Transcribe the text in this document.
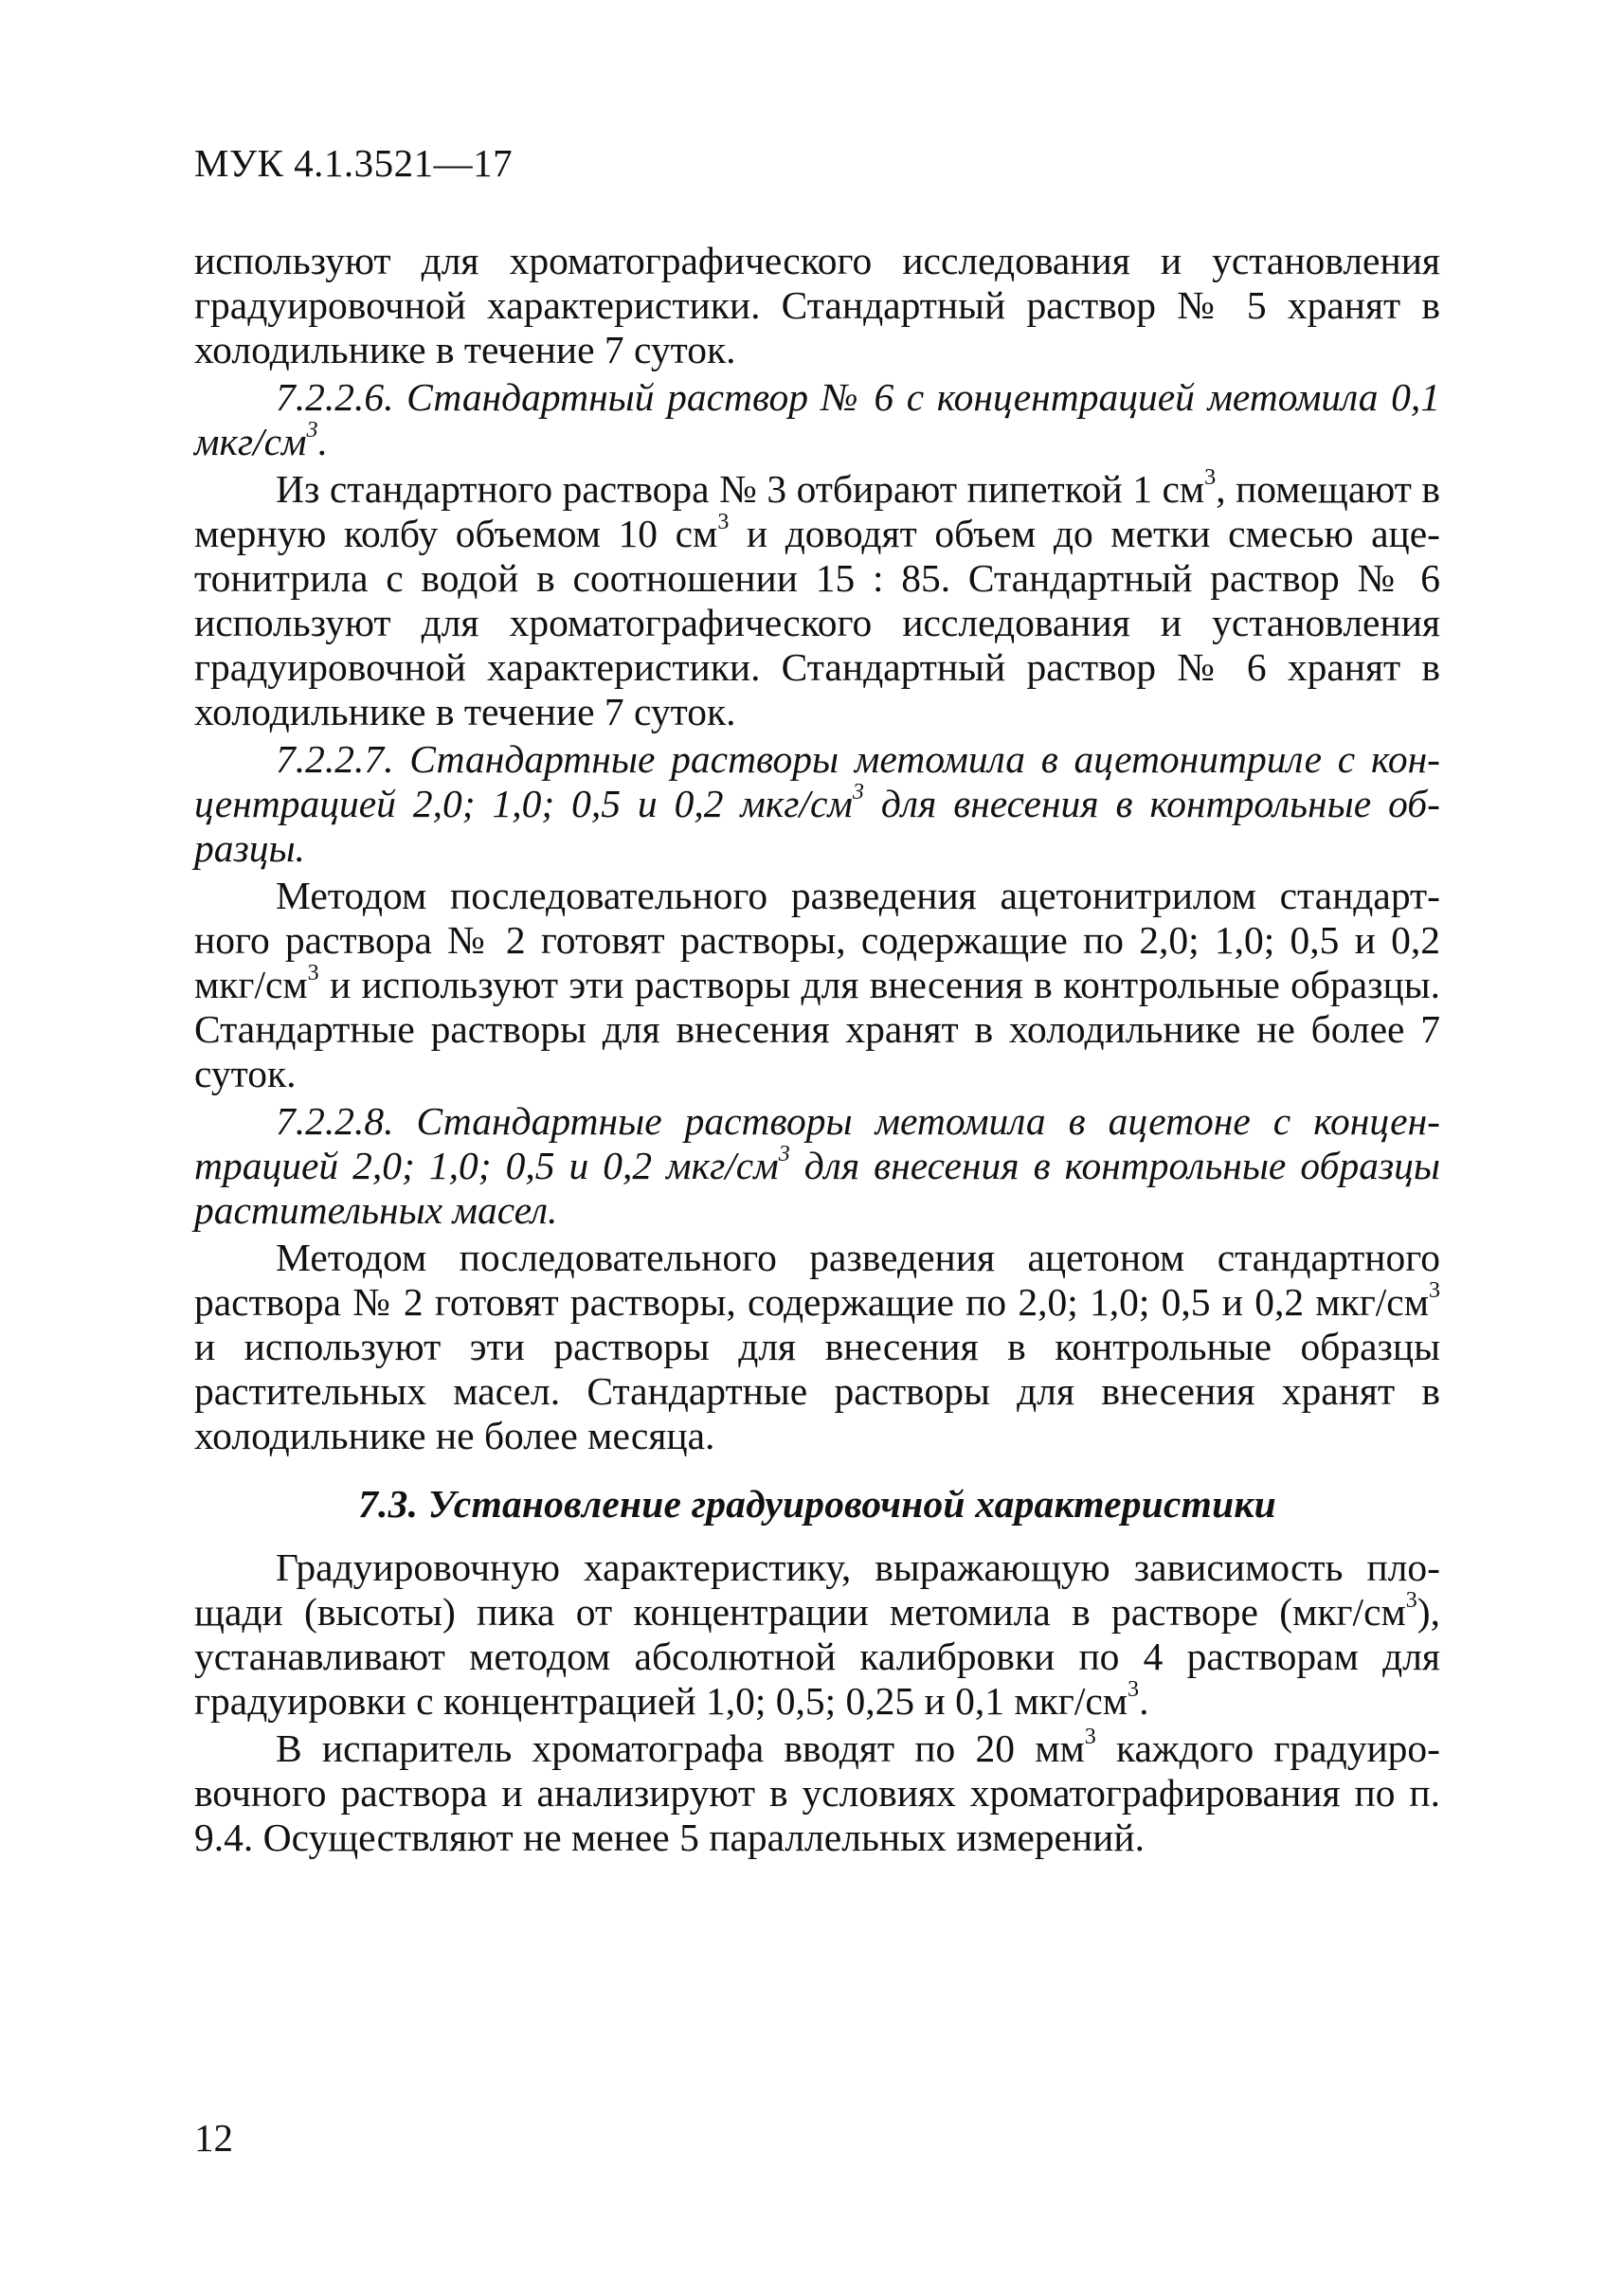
МУК 4.1.3521—17

используют для хроматографического исследования и установления градуировочной характеристики. Стандартный раствор № 5 хранят в холодильнике в течение 7 суток.

7.2.2.6. Стандартный раствор № 6 с концентрацией метомила 0,1 мкг/$см^3$.

Из стандартного раствора № 3 отбирают пипеткой 1 $см^3$, помещают в мерную колбу объемом 10 $см^3$ и доводят объем до метки смесью ацетонитрила с водой в соотношении 15 : 85. Стандартный раствор № 6 используют для хроматографического исследования и установления градуировочной характеристики. Стандартный раствор № 6 хранят в холодильнике в течение 7 суток.

7.2.2.7. Стандартные растворы метомила в ацетонитриле с концентрацией 2,0; 1,0; 0,5 и 0,2 мкг/$см^3$ для внесения в контрольные образцы.

Методом последовательного разведения ацетонитрилом стандартного раствора № 2 готовят растворы, содержащие по 2,0; 1,0; 0,5 и 0,2 мкг/$см^3$ и используют эти растворы для внесения в контрольные образцы. Стандартные растворы для внесения хранят в холодильнике не более 7 суток.

7.2.2.8. Стандартные растворы метомила в ацетоне с концентрацией 2,0; 1,0; 0,5 и 0,2 мкг/$см^3$ для внесения в контрольные образцы растительных масел.

Методом последовательного разведения ацетоном стандартного раствора № 2 готовят растворы, содержащие по 2,0; 1,0; 0,5 и 0,2 мкг/$см^3$ и используют эти растворы для внесения в контрольные образцы растительных масел. Стандартные растворы для внесения хранят в холодильнике не более месяца.

7.3. Установление градуировочной характеристики

Градуировочную характеристику, выражающую зависимость площади (высоты) пика от концентрации метомила в растворе $(мкг/см^3)$, устанавливают методом абсолютной калибровки по 4 растворам для градуировки с концентрацией 1,0; 0,5; 0,25 и 0,1 мкг/$см^3$.

В испаритель хроматографа вводят по 20 $мм^3$ каждого градуировочного раствора и анализируют в условиях хроматографирования по п. 9.4. Осуществляют не менее 5 параллельных измерений.

12
